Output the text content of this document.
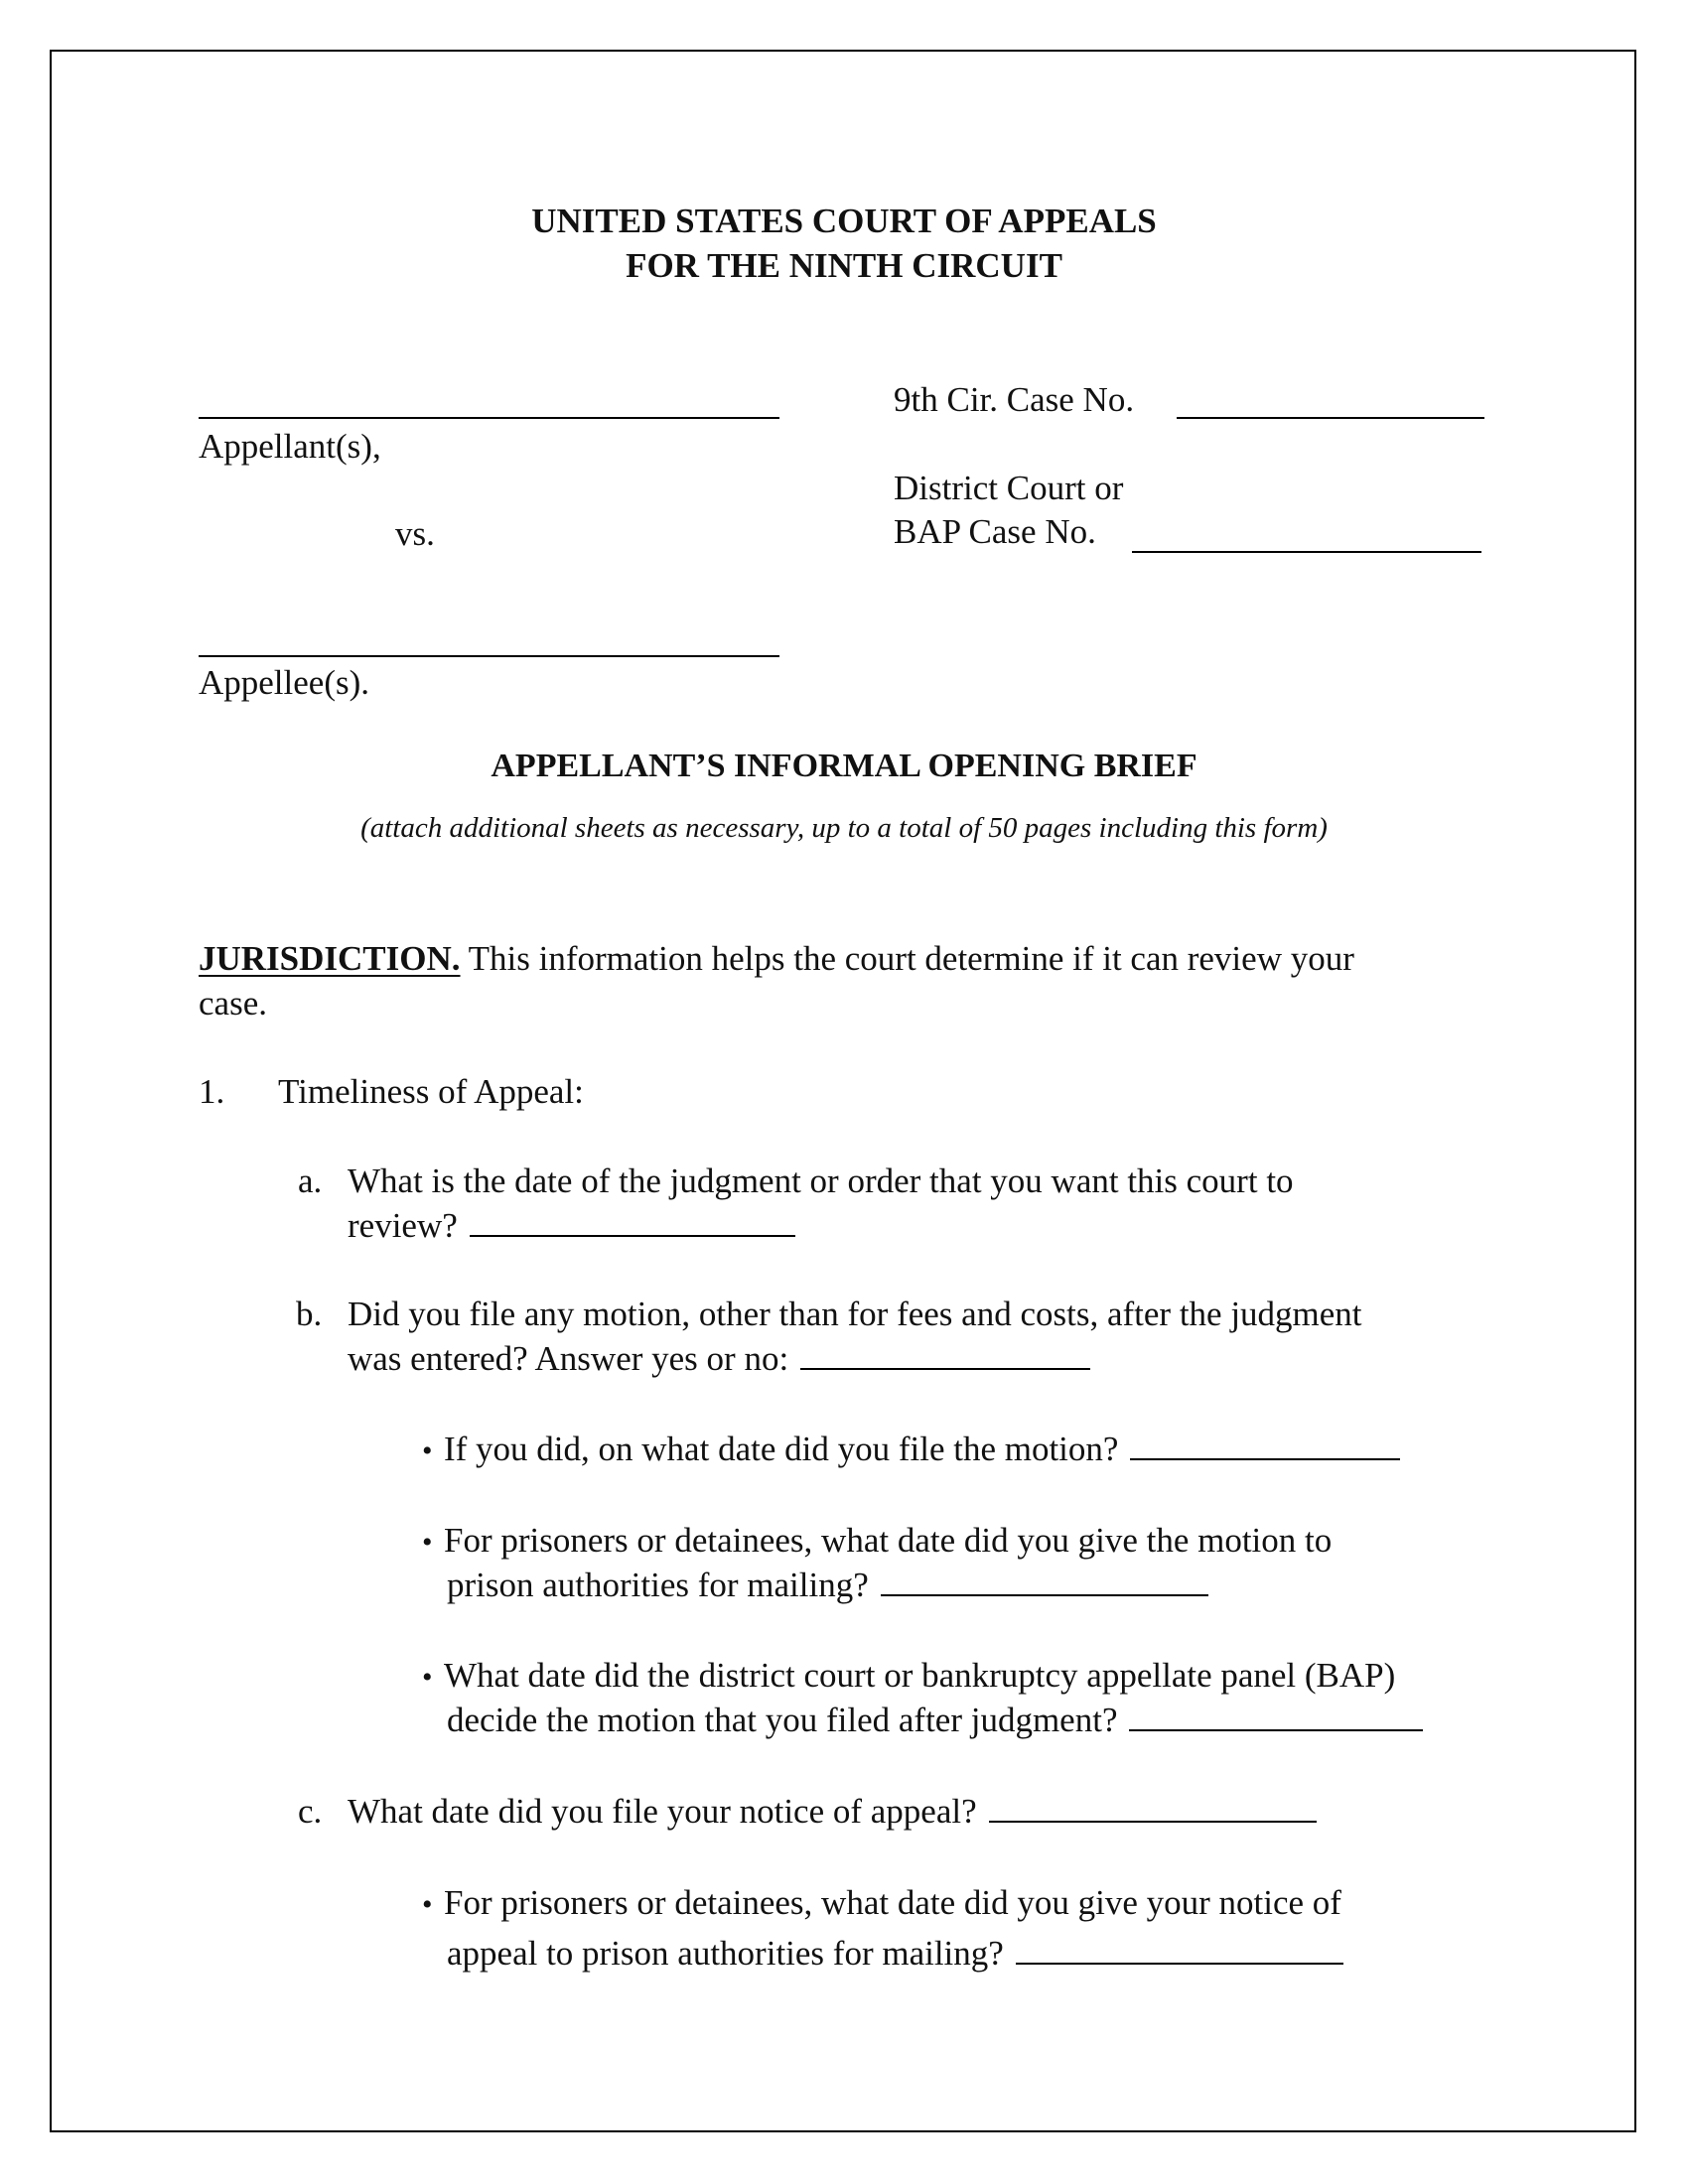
UNITED STATES COURT OF APPEALS
FOR THE NINTH CIRCUIT
Appellant(s),
vs.
Appellee(s).
9th Cir. Case No.
District Court or
BAP Case No.
APPELLANT’S INFORMAL OPENING BRIEF
(attach additional sheets as necessary, up to a total of 50 pages including this form)
JURISDICTION. This information helps the court determine if it can review your
case.
1. Timeliness of Appeal:
a. What is the date of the judgment or order that you want this court to
review?
b. Did you file any motion, other than for fees and costs, after the judgment
was entered? Answer yes or no:
• If you did, on what date did you file the motion?
• For prisoners or detainees, what date did you give the motion to
prison authorities for mailing?
• What date did the district court or bankruptcy appellate panel (BAP)
decide the motion that you filed after judgment?
c. What date did you file your notice of appeal?
• For prisoners or detainees, what date did you give your notice of
appeal to prison authorities for mailing?
